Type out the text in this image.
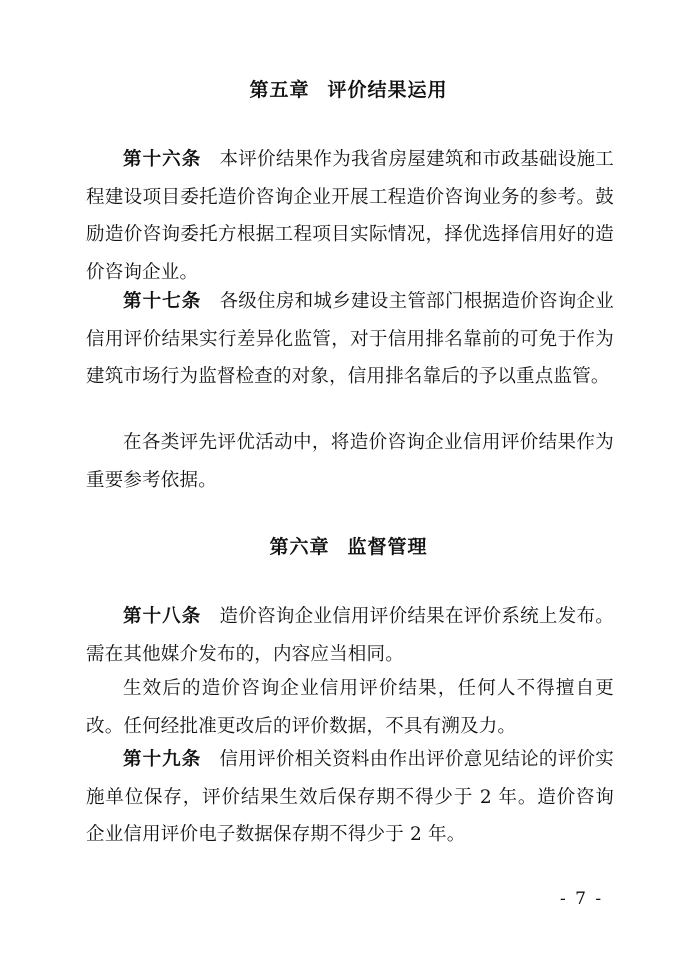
第五章 评价结果运用

第十六条 本评价结果作为我省房屋建筑和市政基础设施工程建设项目委托造价咨询企业开展工程造价咨询业务的参考。鼓励造价咨询委托方根据工程项目实际情况，择优选择信用好的造价咨询企业。

第十七条 各级住房和城乡建设主管部门根据造价咨询企业信用评价结果实行差异化监管，对于信用排名靠前的可免于作为建筑市场行为监督检查的对象，信用排名靠后的予以重点监管。

在各类评先评优活动中，将造价咨询企业信用评价结果作为重要参考依据。

第六章 监督管理

第十八条 造价咨询企业信用评价结果在评价系统上发布。需在其他媒介发布的，内容应当相同。

生效后的造价咨询企业信用评价结果，任何人不得擅自更改。任何经批准更改后的评价数据，不具有溯及力。

第十九条 信用评价相关资料由作出评价意见结论的评价实施单位保存，评价结果生效后保存期不得少于 2 年。造价咨询企业信用评价电子数据保存期不得少于 2 年。

- 7 -
